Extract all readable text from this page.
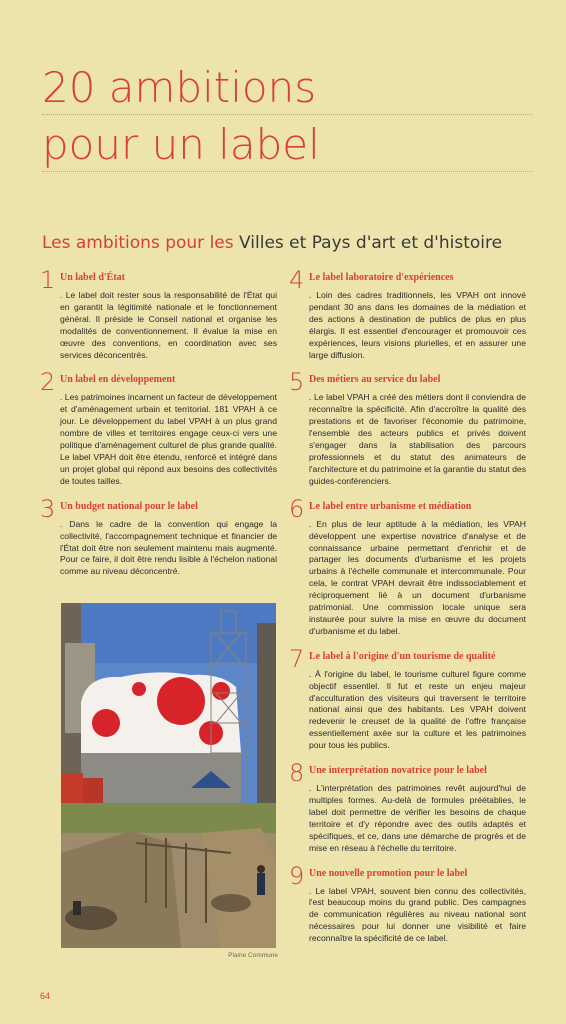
20 ambitions
pour un label
Les ambitions pour les Villes et Pays d'art et d'histoire
1 Un label d'État
. Le label doit rester sous la responsabilité de l'État qui en garantit la légitimité nationale et le fonctionnement général. Il préside le Conseil national et organise les modalités de conventionnement. Il évalue la mise en œuvre des conventions, en coordination avec ses services déconcentrés.
2 Un label en développement
. Les patrimoines incarnent un facteur de développement et d'aménagement urbain et territorial. 181 VPAH à ce jour. Le développement du label VPAH à un plus grand nombre de villes et territoires engage ceux-ci vers une politique d'aménagement culturel de plus grande qualité. Le label VPAH doit être étendu, renforcé et intégré dans un projet global qui répond aux besoins des collectivités de toutes tailles.
3 Un budget national pour le label
. Dans le cadre de la convention qui engage la collectivité, l'accompagnement technique et financier de l'État doit être non seulement maintenu mais augmenté. Pour ce faire, il doit être rendu lisible à l'échelon national comme au niveau déconcentré.
Plaine Commune
4 Le label laboratoire d'expériences
. Loin des cadres traditionnels, les VPAH ont innové pendant 30 ans dans les domaines de la médiation et des actions à destination de publics de plus en plus élargis. Il est essentiel d'encourager et promouvoir ces expériences, leurs visions plurielles, et en assurer une large diffusion.
5 Des métiers au service du label
. Le label VPAH a créé des métiers dont il conviendra de reconnaître la spécificité. Afin d'accroître la qualité des prestations et de favoriser l'économie du patrimoine, l'ensemble des acteurs publics et privés doivent s'engager dans la stabilisation des parcours professionnels et du statut des animateurs de l'architecture et du patrimoine et la garantie du statut des guides-conférenciers.
6 Le label entre urbanisme et médiation
. En plus de leur aptitude à la médiation, les VPAH développent une expertise novatrice d'analyse et de connaissance urbaine permettant d'enrichir et de partager les documents d'urbanisme et les projets urbains à l'échelle communale et intercommunale. Pour cela, le contrat VPAH devrait être indissociablement et réciproquement lié à un document d'urbanisme patrimonial. Une commission locale unique sera instaurée pour suivre la mise en œuvre du document d'urbanisme et du label.
7 Le label à l'origine d'un tourisme de qualité
. À l'origine du label, le tourisme culturel figure comme objectif essentiel. Il fut et reste un enjeu majeur d'acculturation des visiteurs qui traversent le territoire national ainsi que des habitants. Les VPAH doivent redevenir le creuset de la qualité de l'offre française essentiellement axée sur la culture et les patrimoines pour tous les publics.
8 Une interprétation novatrice pour le label
. L'interprétation des patrimoines revêt aujourd'hui de multiples formes. Au-delà de formules préétablies, le label doit permettre de vérifier les besoins de chaque territoire et d'y répondre avec des outils adaptés et spécifiques, et ce, dans une démarche de progrès et de mise en réseau à l'échelle du territoire.
9 Une nouvelle promotion pour le label
. Le label VPAH, souvent bien connu des collectivités, l'est beaucoup moins du grand public. Des campagnes de communication régulières au niveau national sont nécessaires pour lui donner une visibilité et faire reconnaître la spécificité de ce label.
64
